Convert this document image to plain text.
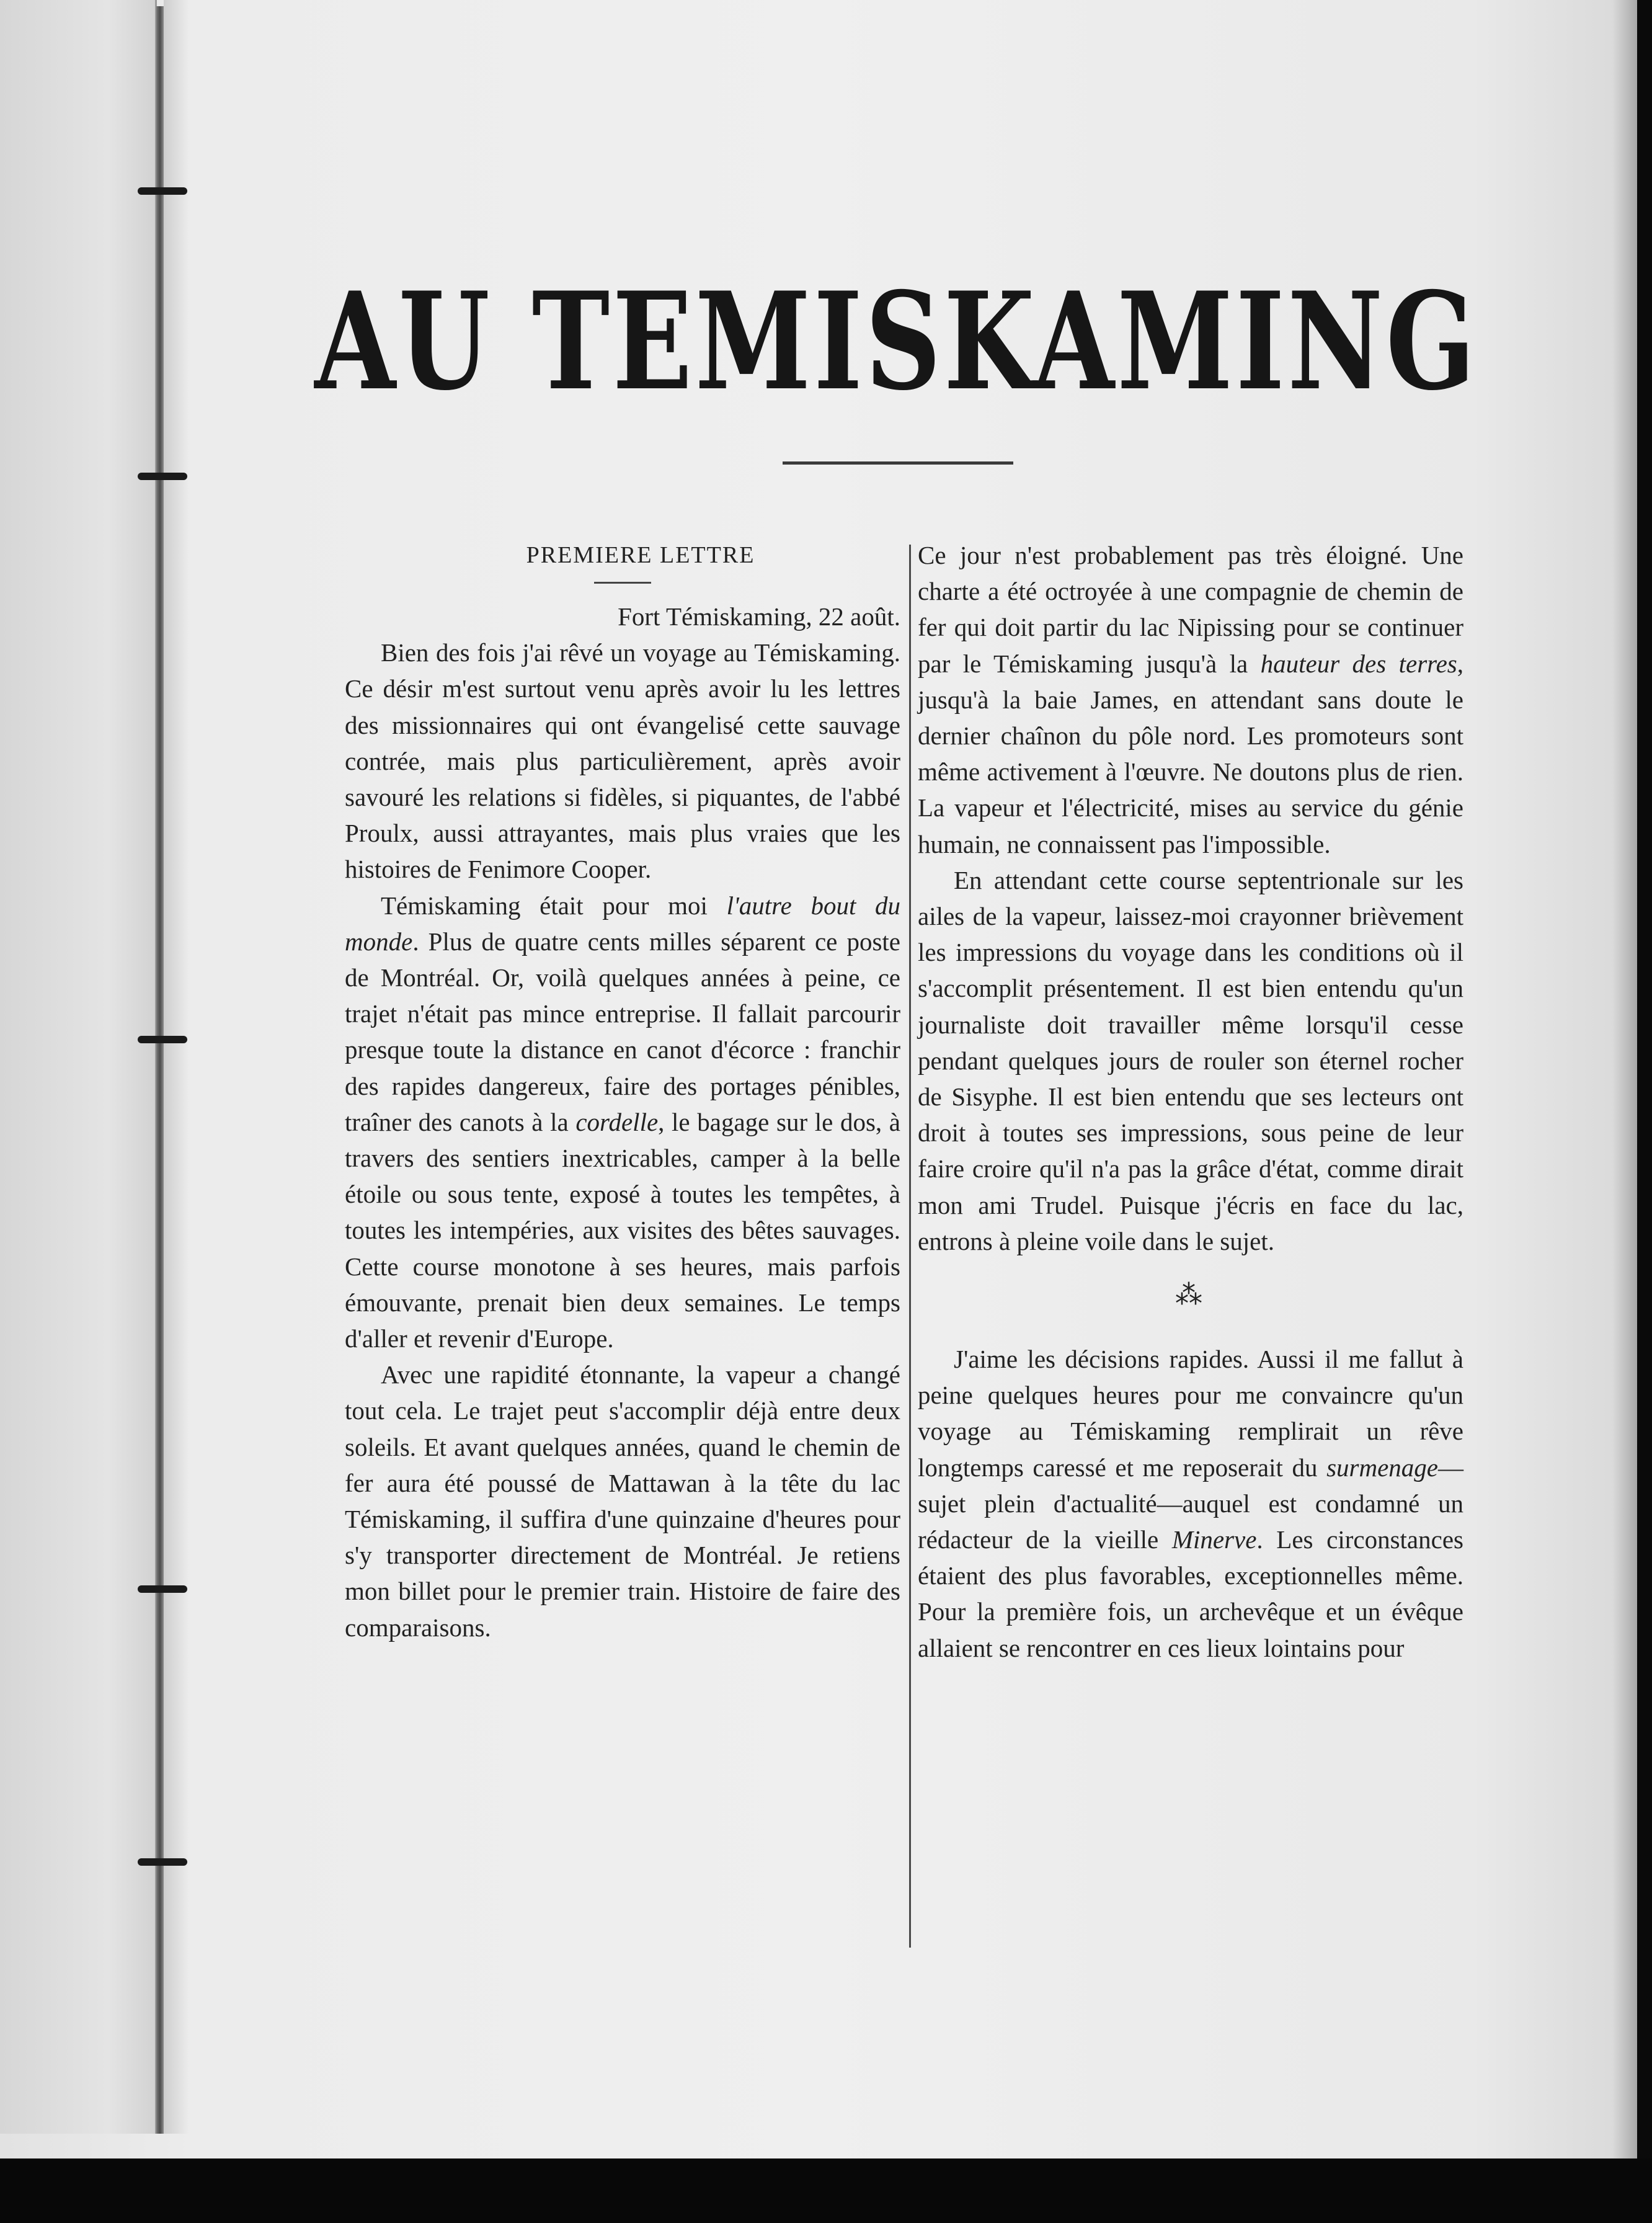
AU TEMISKAMING

PREMIERE LETTRE

Fort Témiskaming, 22 août.

Bien des fois j'ai rêvé un voyage au Témiskaming. Ce désir m'est surtout venu après avoir lu les lettres des missionnaires qui ont évangelisé cette sauvage contrée, mais plus particulièrement, après avoir savouré les relations si fidèles, si piquantes, de l'abbé Proulx, aussi attrayantes, mais plus vraies que les histoires de Fenimore Cooper.

Témiskaming était pour moi l'autre bout du monde. Plus de quatre cents milles séparent ce poste de Montréal. Or, voilà quelques années à peine, ce trajet n'était pas mince entreprise. Il fallait parcourir presque toute la distance en canot d'écorce : franchir des rapides dangereux, faire des portages pénibles, traîner des canots à la cordelle, le bagage sur le dos, à travers des sentiers inextricables, camper à la belle étoile ou sous tente, exposé à toutes les tempêtes, à toutes les intempéries, aux visites des bêtes sauvages. Cette course monotone à ses heures, mais parfois émouvante, prenait bien deux semaines. Le temps d'aller et revenir d'Europe.

Avec une rapidité étonnante, la vapeur a changé tout cela. Le trajet peut s'accomplir déjà entre deux soleils. Et avant quelques années, quand le chemin de fer aura été poussé de Mattawan à la tête du lac Témiskaming, il suffira d'une quinzaine d'heures pour s'y transporter directement de Montréal. Je retiens mon billet pour le premier train. Histoire de faire des comparaisons.

Ce jour n'est probablement pas très éloigné. Une charte a été octroyée à une compagnie de chemin de fer qui doit partir du lac Nipissing pour se continuer par le Témiskaming jusqu'à la hauteur des terres, jusqu'à la baie James, en attendant sans doute le dernier chaînon du pôle nord. Les promoteurs sont même activement à l'œuvre. Ne doutons plus de rien. La vapeur et l'électricité, mises au service du génie humain, ne connaissent pas l'impossible.

En attendant cette course septentrionale sur les ailes de la vapeur, laissez-moi crayonner brièvement les impressions du voyage dans les conditions où il s'accomplit présentement. Il est bien entendu qu'un journaliste doit travailler même lorsqu'il cesse pendant quelques jours de rouler son éternel rocher de Sisyphe. Il est bien entendu que ses lecteurs ont droit à toutes ses impressions, sous peine de leur faire croire qu'il n'a pas la grâce d'état, comme dirait mon ami Trudel. Puisque j'écris en face du lac, entrons à pleine voile dans le sujet.

⁂

J'aime les décisions rapides. Aussi il me fallut à peine quelques heures pour me convaincre qu'un voyage au Témiskaming remplirait un rêve longtemps caressé et me reposerait du surmenage—sujet plein d'actualité—auquel est condamné un rédacteur de la vieille Minerve. Les circonstances étaient des plus favorables, exceptionnelles même. Pour la première fois, un archevêque et un évêque allaient se rencontrer en ces lieux lointains pour
